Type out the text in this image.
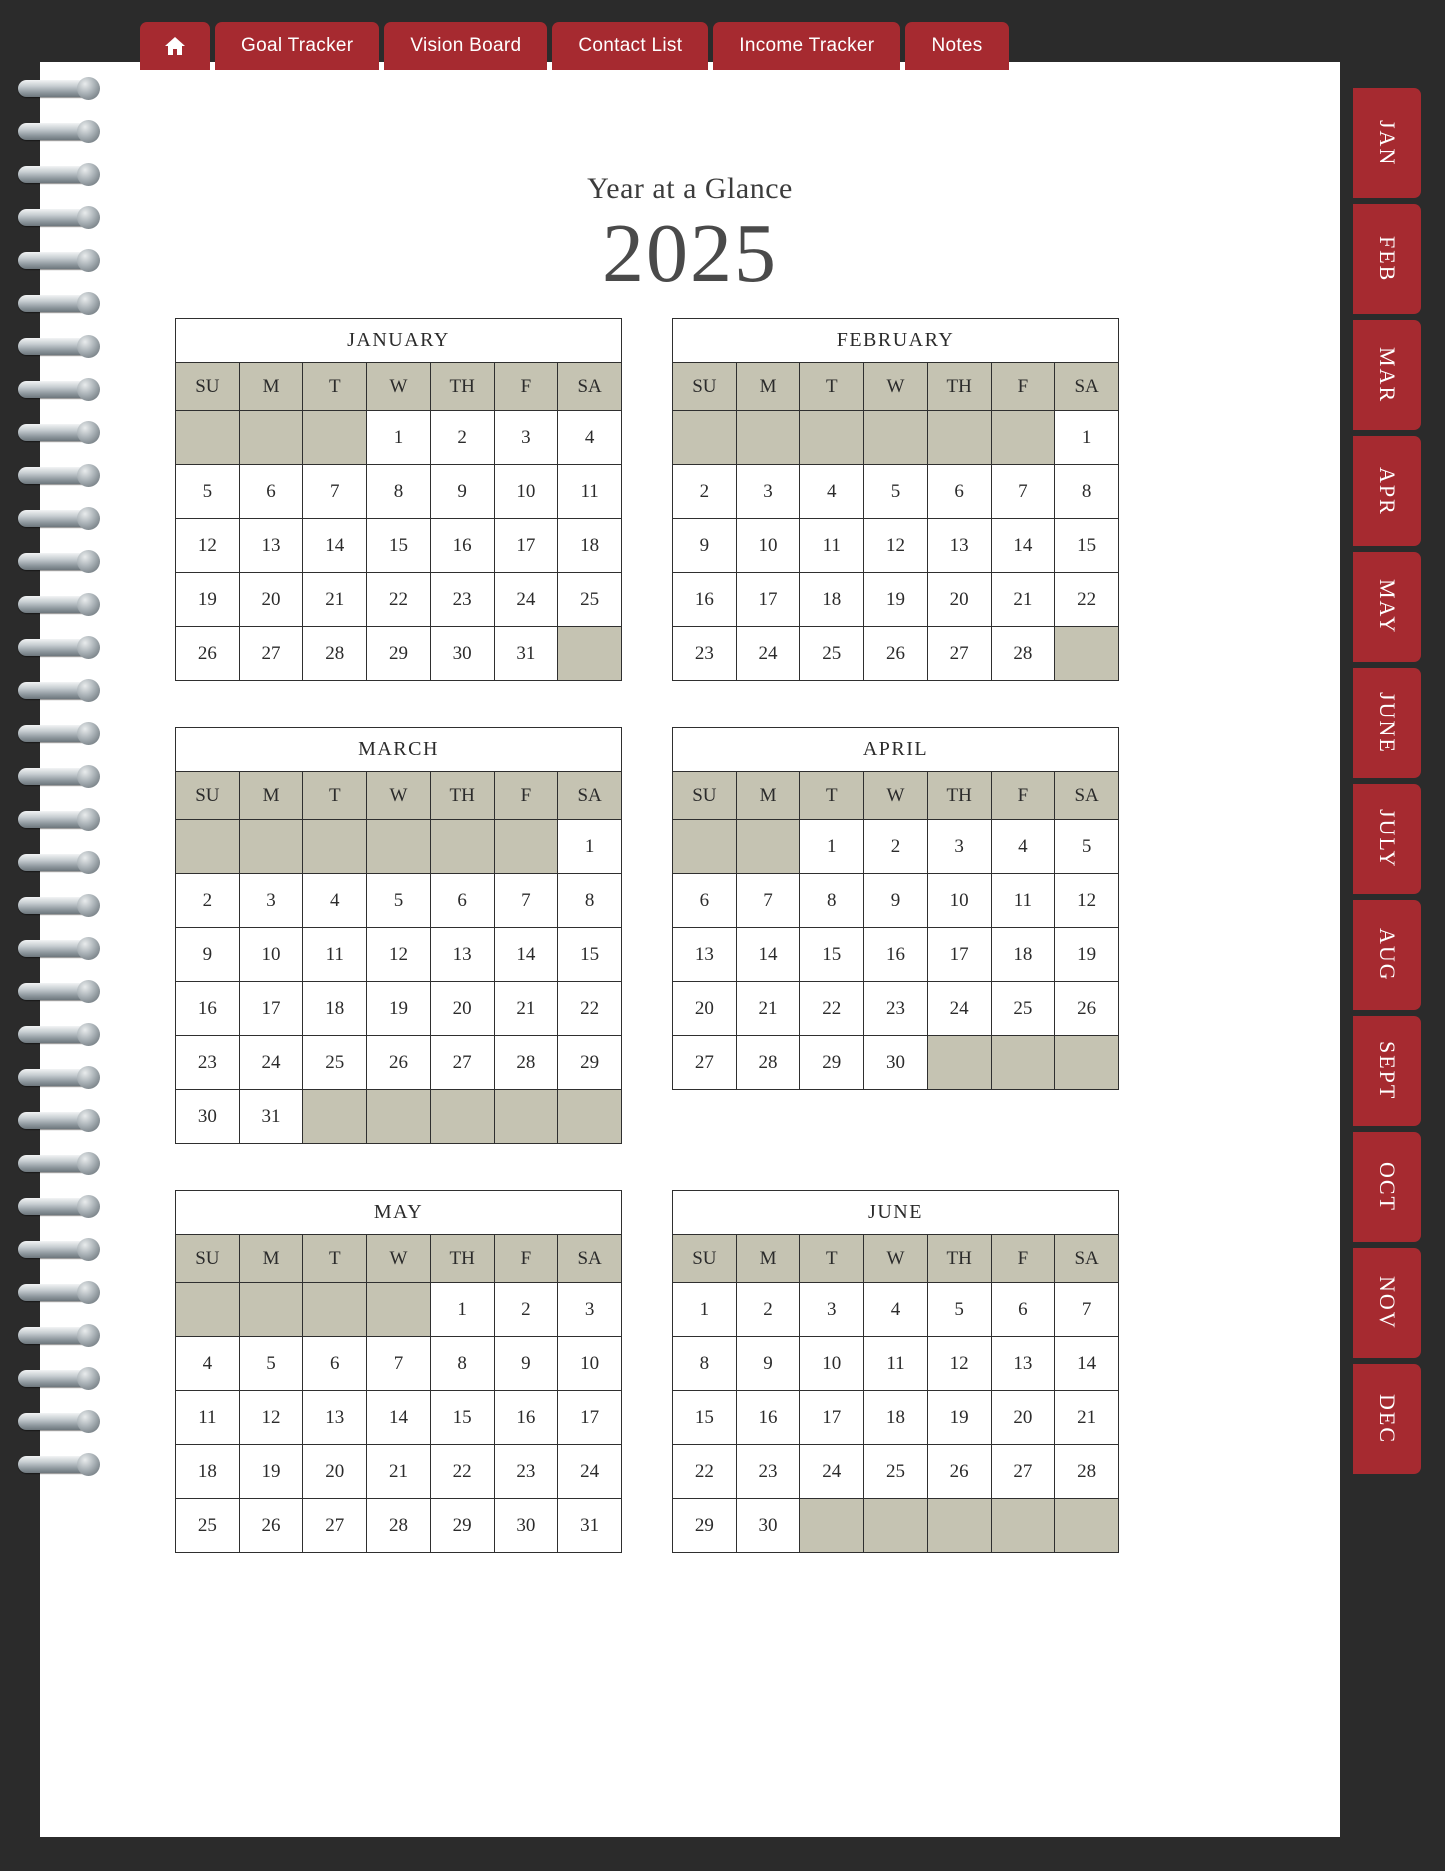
Goal Tracker	Vision Board	Contact List	Income Tracker	Notes
Year at a Glance
2025
JANUARY
SU	M	T	W	TH	F	SA
			1	2	3	4
5	6	7	8	9	10	11
12	13	14	15	16	17	18
19	20	21	22	23	24	25
26	27	28	29	30	31	
FEBRUARY
SU	M	T	W	TH	F	SA
						1
2	3	4	5	6	7	8
9	10	11	12	13	14	15
16	17	18	19	20	21	22
23	24	25	26	27	28	
MARCH
SU	M	T	W	TH	F	SA
						1
2	3	4	5	6	7	8
9	10	11	12	13	14	15
16	17	18	19	20	21	22
23	24	25	26	27	28	29
30	31					
APRIL
SU	M	T	W	TH	F	SA
		1	2	3	4	5
6	7	8	9	10	11	12
13	14	15	16	17	18	19
20	21	22	23	24	25	26
27	28	29	30			
MAY
SU	M	T	W	TH	F	SA
				1	2	3
4	5	6	7	8	9	10
11	12	13	14	15	16	17
18	19	20	21	22	23	24
25	26	27	28	29	30	31
JUNE
SU	M	T	W	TH	F	SA
1	2	3	4	5	6	7
8	9	10	11	12	13	14
15	16	17	18	19	20	21
22	23	24	25	26	27	28
29	30					
JAN
FEB
MAR
APR
MAY
JUNE
JULY
AUG
SEPT
OCT
NOV
DEC
